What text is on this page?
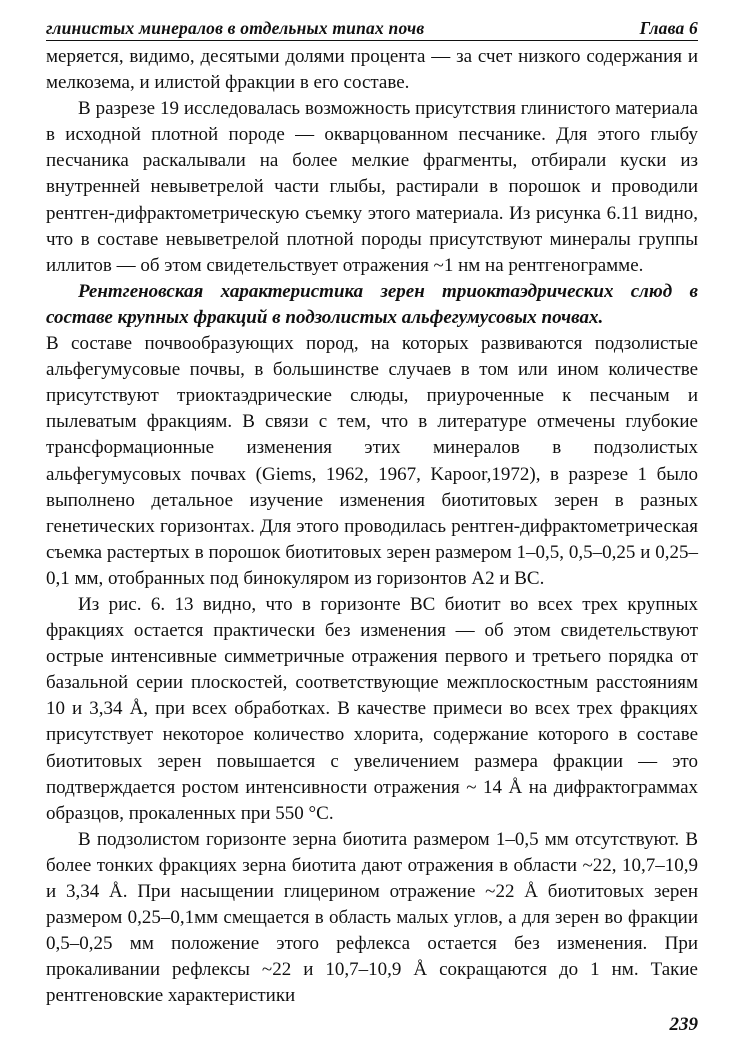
глинистых минералов в отдельных типах почв	Глава 6

меряется, видимо, десятыми долями процента — за счет низкого содержания и мелкозема, и илистой фракции в его составе.

В разрезе 19 исследовалась возможность присутствия глинистого материала в исходной плотной породе — окварцованном песчанике. Для этого глыбу песчаника раскалывали на более мелкие фрагменты, отбирали куски из внутренней невыветрелой части глыбы, растирали в порошок и проводили рентген-дифрактометрическую съемку этого материала. Из рисунка 6.11 видно, что в составе невыветрелой плотной породы присутствуют минералы группы иллитов — об этом свидетельствует отражения ~1 нм на рентгенограмме.

Рентгеновская характеристика зерен триоктаэдрических слюд в составе крупных фракций в подзолистых альфегумусовых почвах.

В составе почвообразующих пород, на которых развиваются подзолистые альфегумусовые почвы, в большинстве случаев в том или ином количестве присутствуют триоктаэдрические слюды, приуроченные к песчаным и пылеватым фракциям. В связи с тем, что в литературе отмечены глубокие трансформационные изменения этих минералов в подзолистых альфегумусовых почвах (Giems, 1962, 1967, Kapoor,1972), в разрезе 1 было выполнено детальное изучение изменения биотитовых зерен в разных генетических горизонтах. Для этого проводилась рентген-дифрактометрическая съемка растертых в порошок биотитовых зерен размером 1–0,5, 0,5–0,25 и 0,25–0,1 мм, отобранных под бинокуляром из горизонтов A2 и BC.

Из рис. 6. 13 видно, что в горизонте BC биотит во всех трех крупных фракциях остается практически без изменения — об этом свидетельствуют острые интенсивные симметричные отражения первого и третьего порядка от базальной серии плоскостей, соответствующие межплоскостным расстояниям 10 и 3,34 Å, при всех обработках. В качестве примеси во всех трех фракциях присутствует некоторое количество хлорита, содержание которого в составе биотитовых зерен повышается с увеличением размера фракции — это подтверждается ростом интенсивности отражения ~ 14 Å на дифрактограммах образцов, прокаленных при 550 °C.

В подзолистом горизонте зерна биотита размером 1–0,5 мм отсутствуют. В более тонких фракциях зерна биотита дают отражения в области ~22, 10,7–10,9 и 3,34 Å. При насыщении глицерином отражение ~22 Å биотитовых зерен размером 0,25–0,1мм смещается в область малых углов, а для зерен во фракции 0,5–0,25 мм положение этого рефлекса остается без изменения. При прокаливании рефлексы ~22 и 10,7–10,9 Å сокращаются до 1 нм. Такие рентгеновские характеристики

239
